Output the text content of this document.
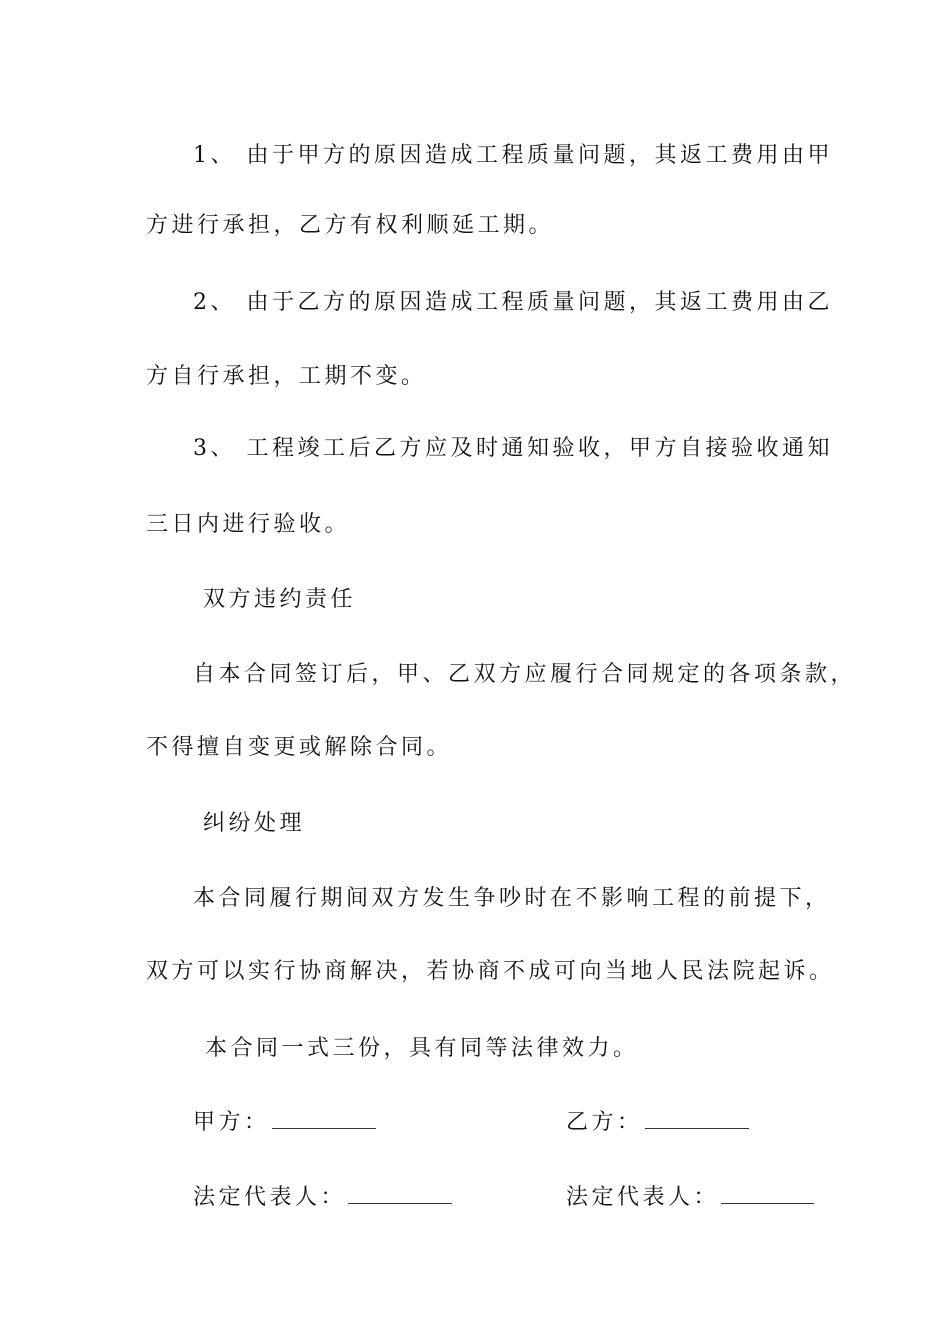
1、 由于甲方的原因造成工程质量问题，其返工费用由甲
方进行承担，乙方有权利顺延工期。
2、 由于乙方的原因造成工程质量问题，其返工费用由乙
方自行承担，工期不变。
3、 工程竣工后乙方应及时通知验收，甲方自接验收通知
三日内进行验收。
双方违约责任
自本合同签订后，甲、乙双方应履行合同规定的各项条款，
不得擅自变更或解除合同。
纠纷处理
本合同履行期间双方发生争吵时在不影响工程的前提下，
双方可以实行协商解决，若协商不成可向当地人民法院起诉。
本合同一式三份，具有同等法律效力。
甲方：	乙方：
法定代表人：	法定代表人：
